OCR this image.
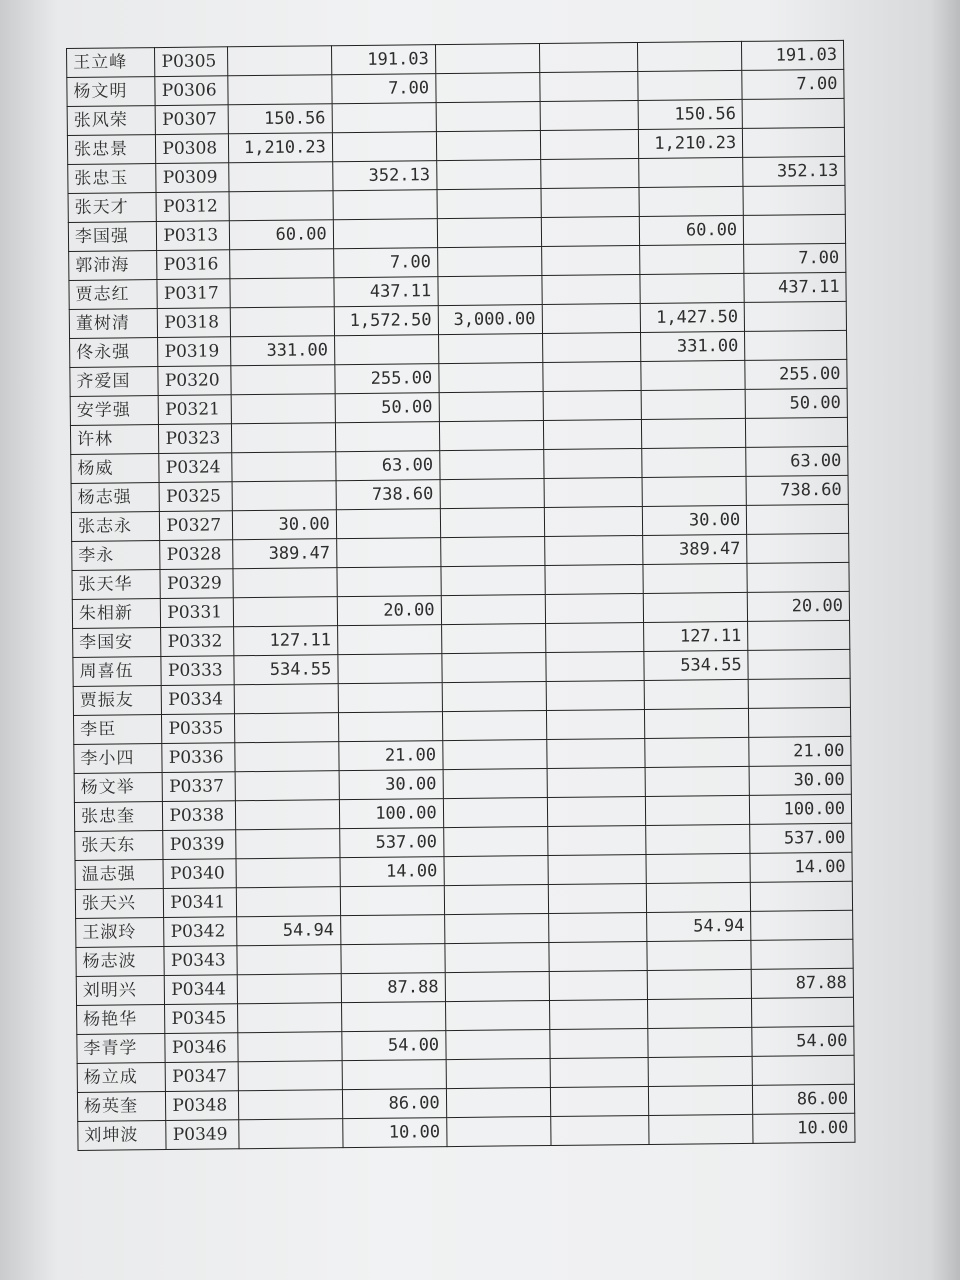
王立峰	P0305		191.03				191.03
杨文明	P0306		7.00				7.00
张风荣	P0307	150.56				150.56	
张忠景	P0308	1,210.23				1,210.23	
张忠玉	P0309		352.13				352.13
张天才	P0312						
李国强	P0313	60.00				60.00	
郭沛海	P0316		7.00				7.00
贾志红	P0317		437.11				437.11
董树清	P0318		1,572.50	3,000.00		1,427.50	
佟永强	P0319	331.00				331.00	
齐爱国	P0320		255.00				255.00
安学强	P0321		50.00				50.00
许林	P0323						
杨威	P0324		63.00				63.00
杨志强	P0325		738.60				738.60
张志永	P0327	30.00				30.00	
李永	P0328	389.47				389.47	
张天华	P0329						
朱相新	P0331		20.00				20.00
李国安	P0332	127.11				127.11	
周喜伍	P0333	534.55				534.55	
贾振友	P0334						
李臣	P0335						
李小四	P0336		21.00				21.00
杨文举	P0337		30.00				30.00
张忠奎	P0338		100.00				100.00
张天东	P0339		537.00				537.00
温志强	P0340		14.00				14.00
张天兴	P0341						
王淑玲	P0342	54.94				54.94	
杨志波	P0343						
刘明兴	P0344		87.88				87.88
杨艳华	P0345						
李青学	P0346		54.00				54.00
杨立成	P0347						
杨英奎	P0348		86.00				86.00
刘坤波	P0349		10.00				10.00
